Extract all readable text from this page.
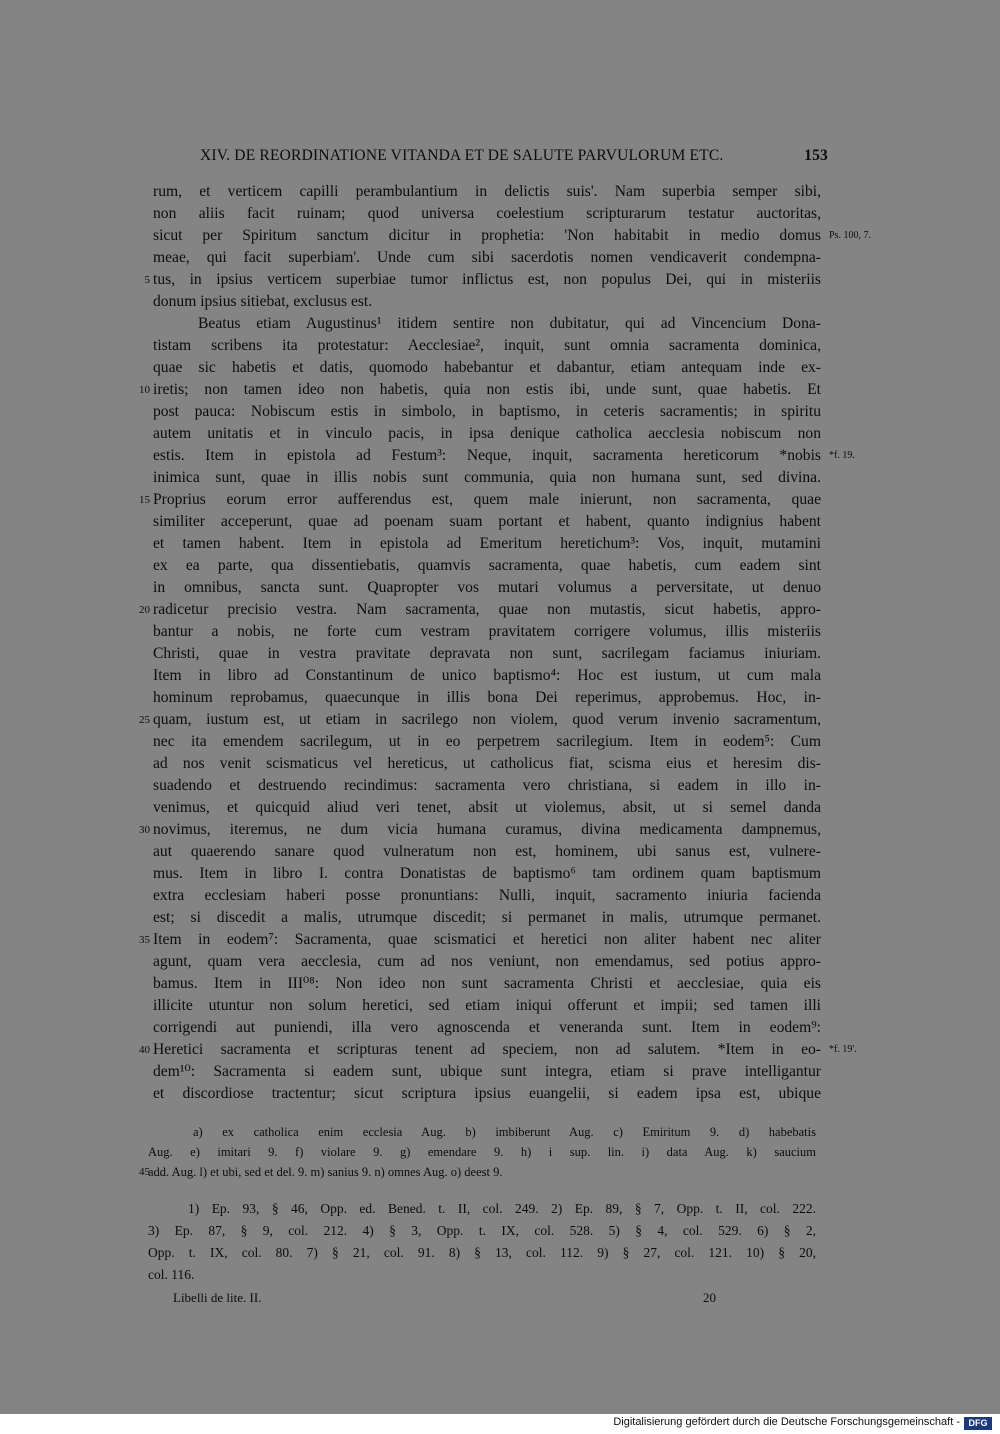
XIV. DE REORDINATIONE VITANDA ET DE SALUTE PARVULORUM ETC.	153
rum, et verticem capilli perambulantium in delictis suis'. Nam superbia semper sibi,
non aliis facit ruinam; quod universa coelestium scripturarum testatur auctoritas,
sicut per Spiritum sanctum dicitur in prophetia: 'Non habitabit in medio domus
meae, qui facit superbiam'. Unde cum sibi sacerdotis nomen vendicaverit condempna-
tus, in ipsius verticem superbiae tumor inflictus est, non populus Dei, qui in misteriis
donum ipsius sitiebat, exclusus est.
Beatus etiam Augustinus¹ itidem sentire non dubitatur, qui ad Vincencium Dona-
tistam scribens ita protestatur: Aecclesiae², inquit, sunt omnia sacramenta dominica,
quae sic habetis et datis, quomodo habebantur et dabantur, etiam antequam inde ex-
iretis; non tamen ideo non habetis, quia non estis ibi, unde sunt, quae habetis. Et
post pauca: Nobiscum estis in simbolo, in baptismo, in ceteris sacramentis; in spiritu
autem unitatis et in vinculo pacis, in ipsa denique catholica aecclesia nobiscum non
estis. Item in epistola ad Festum³: Neque, inquit, sacramenta hereticorum *nobis
inimica sunt, quae in illis nobis sunt communia, quia non humana sunt, sed divina.
Proprius eorum error aufferendus est, quem male inierunt, non sacramenta, quae
similiter acceperunt, quae ad poenam suam portant et habent, quanto indignius habent
et tamen habent. Item in epistola ad Emeritum heretichum³: Vos, inquit, mutamini
ex ea parte, qua dissentiebatis, quamvis sacramenta, quae habetis, cum eadem sint
in omnibus, sancta sunt. Quapropter vos mutari volumus a perversitate, ut denuo
radicetur precisio vestra. Nam sacramenta, quae non mutastis, sicut habetis, appro-
bantur a nobis, ne forte cum vestram pravitatem corrigere volumus, illis misteriis
Christi, quae in vestra pravitate depravata non sunt, sacrilegam faciamus iniuriam.
Item in libro ad Constantinum de unico baptismo⁴: Hoc est iustum, ut cum mala
hominum reprobamus, quaecunque in illis bona Dei reperimus, approbemus. Hoc, in-
quam, iustum est, ut etiam in sacrilego non violem, quod verum invenio sacramentum,
nec ita emendem sacrilegum, ut in eo perpetrem sacrilegium. Item in eodem⁵: Cum
ad nos venit scismaticus vel hereticus, ut catholicus fiat, scisma eius et heresim dis-
suadendo et destruendo recindimus: sacramenta vero christiana, si eadem in illo in-
venimus, et quicquid aliud veri tenet, absit ut violemus, absit, ut si semel danda
novimus, iteremus, ne dum vicia humana curamus, divina medicamenta dampnemus,
aut quaerendo sanare quod vulneratum non est, hominem, ubi sanus est, vulnere-
mus. Item in libro I. contra Donatistas de baptismo⁶ tam ordinem quam baptismum
extra ecclesiam haberi posse pronuntians: Nulli, inquit, sacramento iniuria facienda
est; si discedit a malis, utrumque discedit; si permanet in malis, utrumque permanet.
Item in eodem⁷: Sacramenta, quae scismatici et heretici non aliter habent nec aliter
agunt, quam vera aecclesia, cum ad nos veniunt, non emendamus, sed potius appro-
bamus. Item in III⁰⁸: Non ideo non sunt sacramenta Christi et aecclesiae, quia eis
illicite utuntur non solum heretici, sed etiam iniqui offerunt et impii; sed tamen illi
corrigendi aut puniendi, illa vero agnoscenda et veneranda sunt. Item in eodem⁹:
Heretici sacramenta et scripturas tenent ad speciem, non ad salutem. *Item in eo-
dem¹⁰: Sacramenta si eadem sunt, ubique sunt integra, etiam si prave intelligantur
et discordiose tractentur; sicut scriptura ipsius euangelii, si eadem ipsa est, ubique
5
10
15
20
25
30
35
40
Ps. 100, 7.
*f. 19.
*f. 19'.
a) ex catholica enim ecclesia Aug. b) imbiberunt Aug. c) Emiritum 9. d) habebatis
Aug. e) imitari 9. f) violare 9. g) emendare 9. h) i sup. lin. i) data Aug. k) saucium
add. Aug. l) et ubi, sed et del. 9. m) sanius 9. n) omnes Aug. o) deest 9.
45
1) Ep. 93, § 46, Opp. ed. Bened. t. II, col. 249. 2) Ep. 89, § 7, Opp. t. II, col. 222.
3) Ep. 87, § 9, col. 212. 4) § 3, Opp. t. IX, col. 528. 5) § 4, col. 529. 6) § 2,
Opp. t. IX, col. 80. 7) § 21, col. 91. 8) § 13, col. 112. 9) § 27, col. 121. 10) § 20,
col. 116.
Libelli de lite. II.	20
Digitalisierung gefördert durch die Deutsche Forschungsgemeinschaft - DFG
